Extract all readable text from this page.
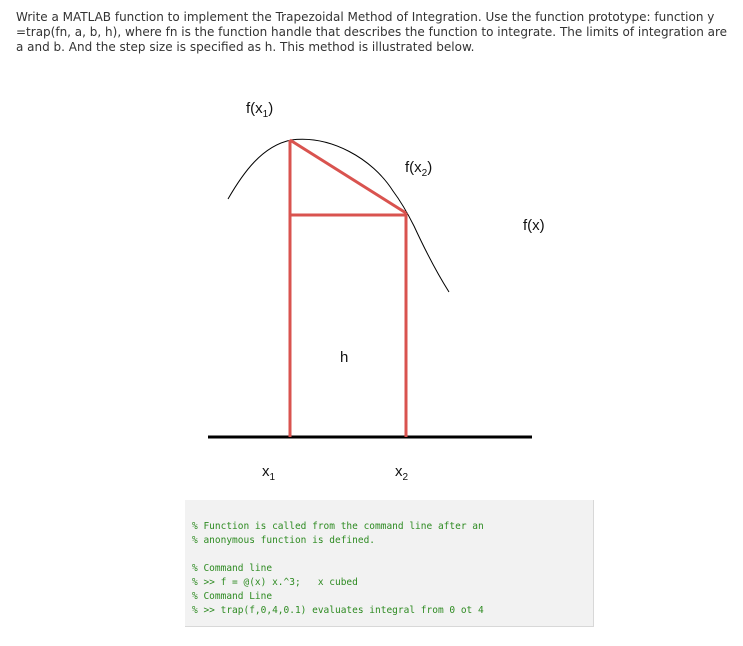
Write a MATLAB function to implement the Trapezoidal Method of Integration. Use the function prototype: function y =trap(fn, a, b, h), where fn is the function handle that describes the function to integrate. The limits of integration are a and b. And the step size is specified as h. This method is illustrated below.

$f(x_1)$
$f(x_2)$
f(x)
h
$x_1$	$x_2$

% Function is called from the command line after an

% anonymous function is defined.

% Command line

% >> f = @(x) x.^3;   x cubed

% Command Line

% >> trap(f,0,4,0.1) evaluates integral from 0 ot 4
